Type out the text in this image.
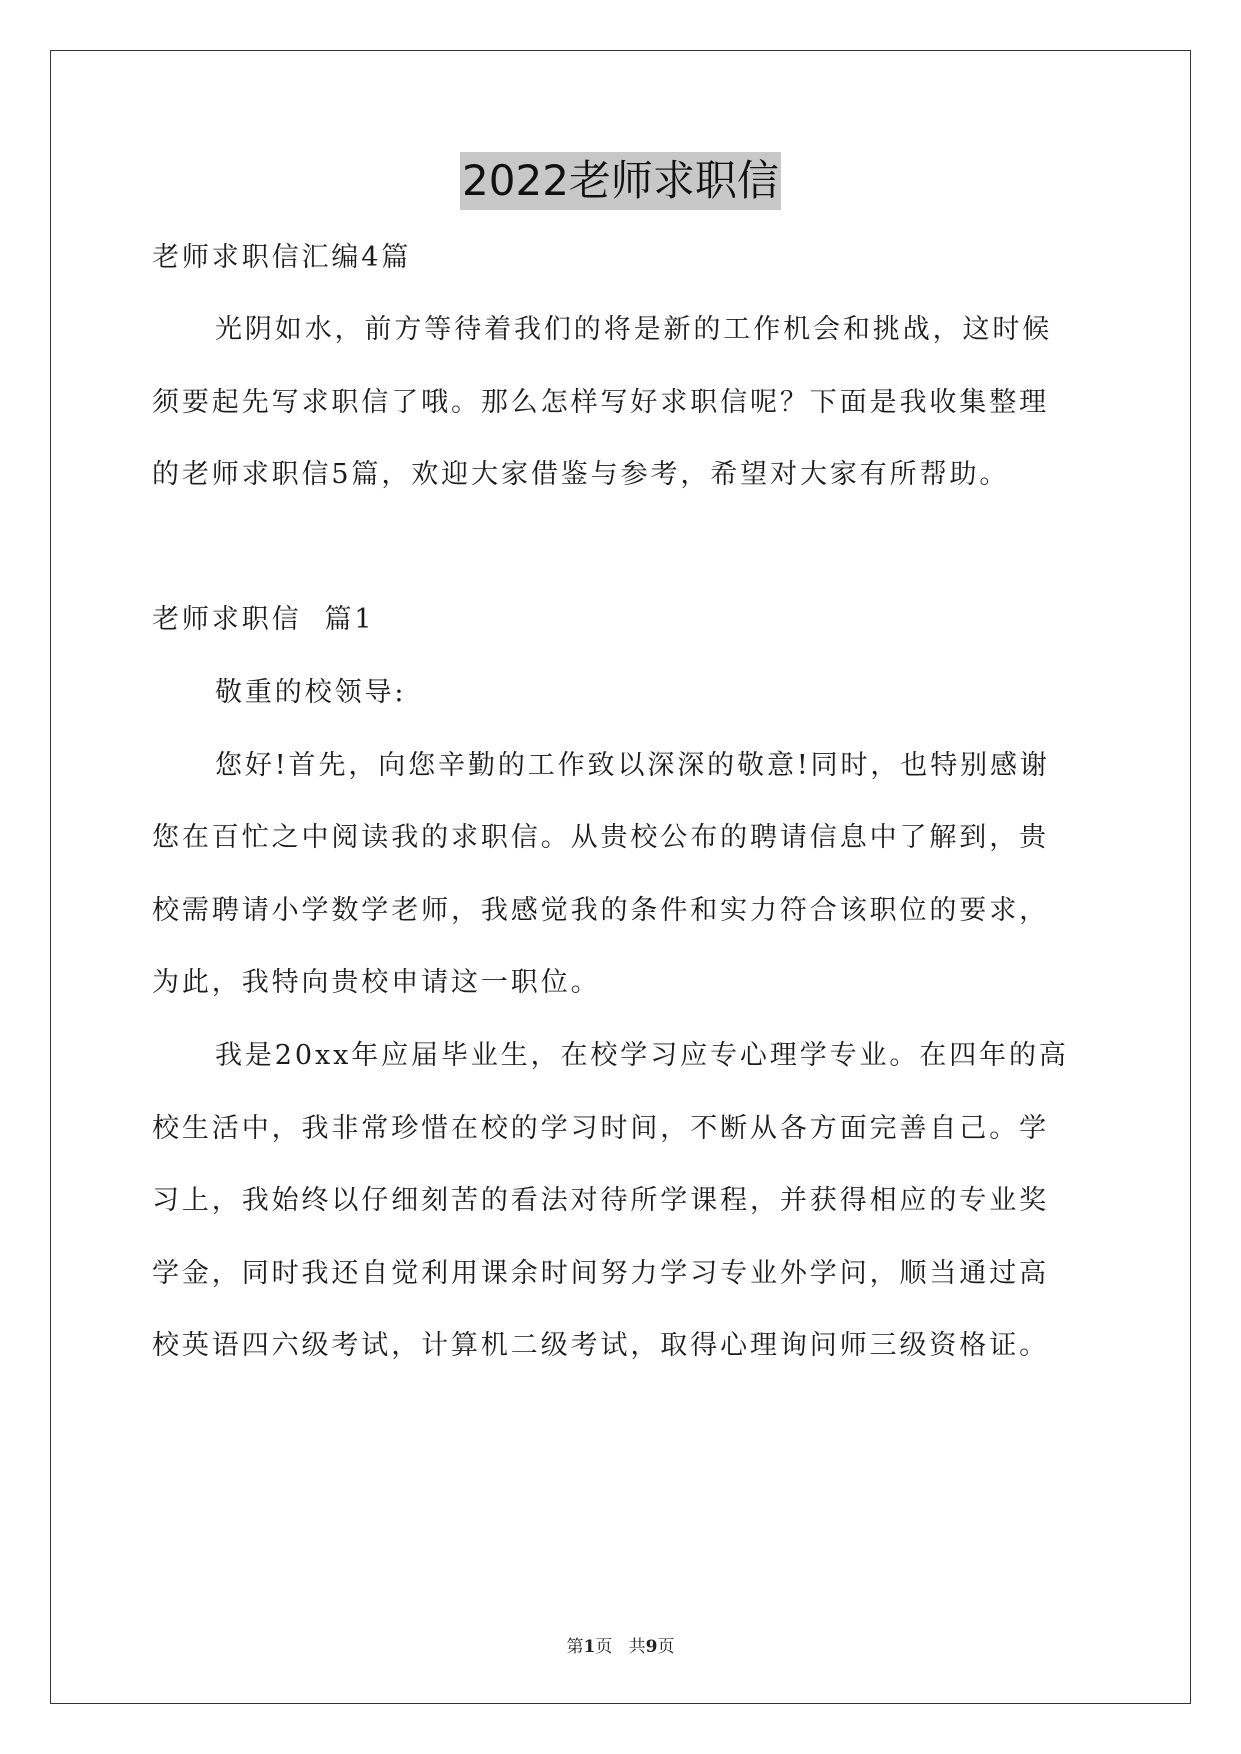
2022老师求职信
老师求职信汇编4篇
光阴如水，前方等待着我们的将是新的工作机会和挑战，这时候
须要起先写求职信了哦。那么怎样写好求职信呢？下面是我收集整理
的老师求职信5篇，欢迎大家借鉴与参考，希望对大家有所帮助。
老师求职信  篇1
敬重的校领导:
您好!首先，向您辛勤的工作致以深深的敬意!同时，也特别感谢
您在百忙之中阅读我的求职信。从贵校公布的聘请信息中了解到，贵
校需聘请小学数学老师，我感觉我的条件和实力符合该职位的要求，
为此，我特向贵校申请这一职位。
我是20xx年应届毕业生，在校学习应专心理学专业。在四年的高
校生活中，我非常珍惜在校的学习时间，不断从各方面完善自己。学
习上，我始终以仔细刻苦的看法对待所学课程，并获得相应的专业奖
学金，同时我还自觉利用课余时间努力学习专业外学问，顺当通过高
校英语四六级考试，计算机二级考试，取得心理询问师三级资格证。
第1页   共9页
